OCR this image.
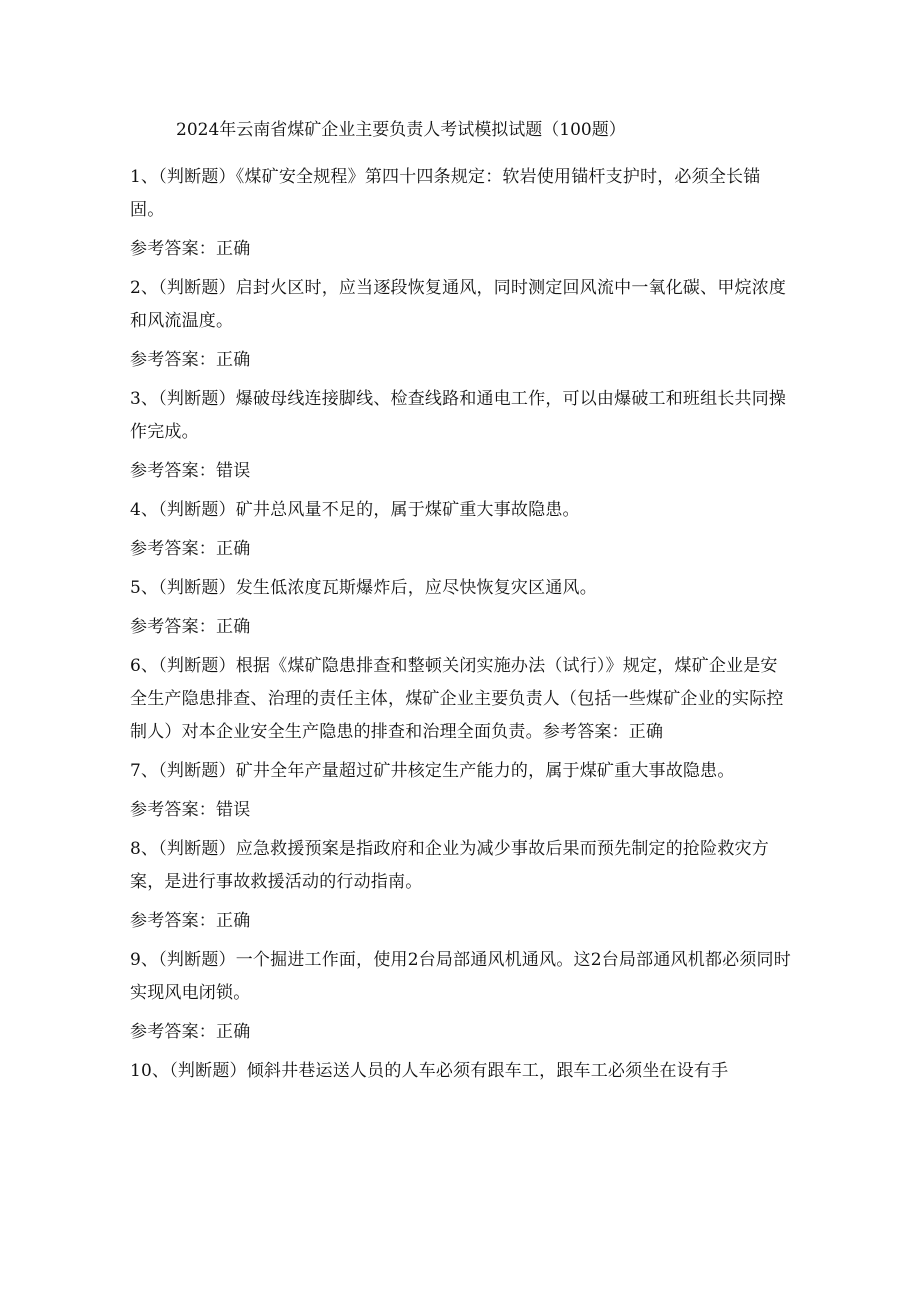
2024年云南省煤矿企业主要负责人考试模拟试题（100题）

1、（判断题）《煤矿安全规程》第四十四条规定：软岩使用锚杆支护时，必须全长锚固。

参考答案：正确

2、（判断题）启封火区时，应当逐段恢复通风，同时测定回风流中一氧化碳、甲烷浓度和风流温度。

参考答案：正确

3、（判断题）爆破母线连接脚线、检查线路和通电工作，可以由爆破工和班组长共同操作完成。

参考答案：错误

4、（判断题）矿井总风量不足的，属于煤矿重大事故隐患。

参考答案：正确

5、（判断题）发生低浓度瓦斯爆炸后，应尽快恢复灾区通风。

参考答案：正确

6、（判断题）根据《煤矿隐患排查和整顿关闭实施办法（试行）》规定，煤矿企业是安全生产隐患排查、治理的责任主体，煤矿企业主要负责人（包括一些煤矿企业的实际控制人）对本企业安全生产隐患的排查和治理全面负责。参考答案：正确

7、（判断题）矿井全年产量超过矿井核定生产能力的，属于煤矿重大事故隐患。

参考答案：错误

8、（判断题）应急救援预案是指政府和企业为减少事故后果而预先制定的抢险救灾方案，是进行事故救援活动的行动指南。

参考答案：正确

9、（判断题）一个掘进工作面，使用2台局部通风机通风。这2台局部通风机都必须同时实现风电闭锁。

参考答案：正确

10、（判断题）倾斜井巷运送人员的人车必须有跟车工，跟车工必须坐在设有手
